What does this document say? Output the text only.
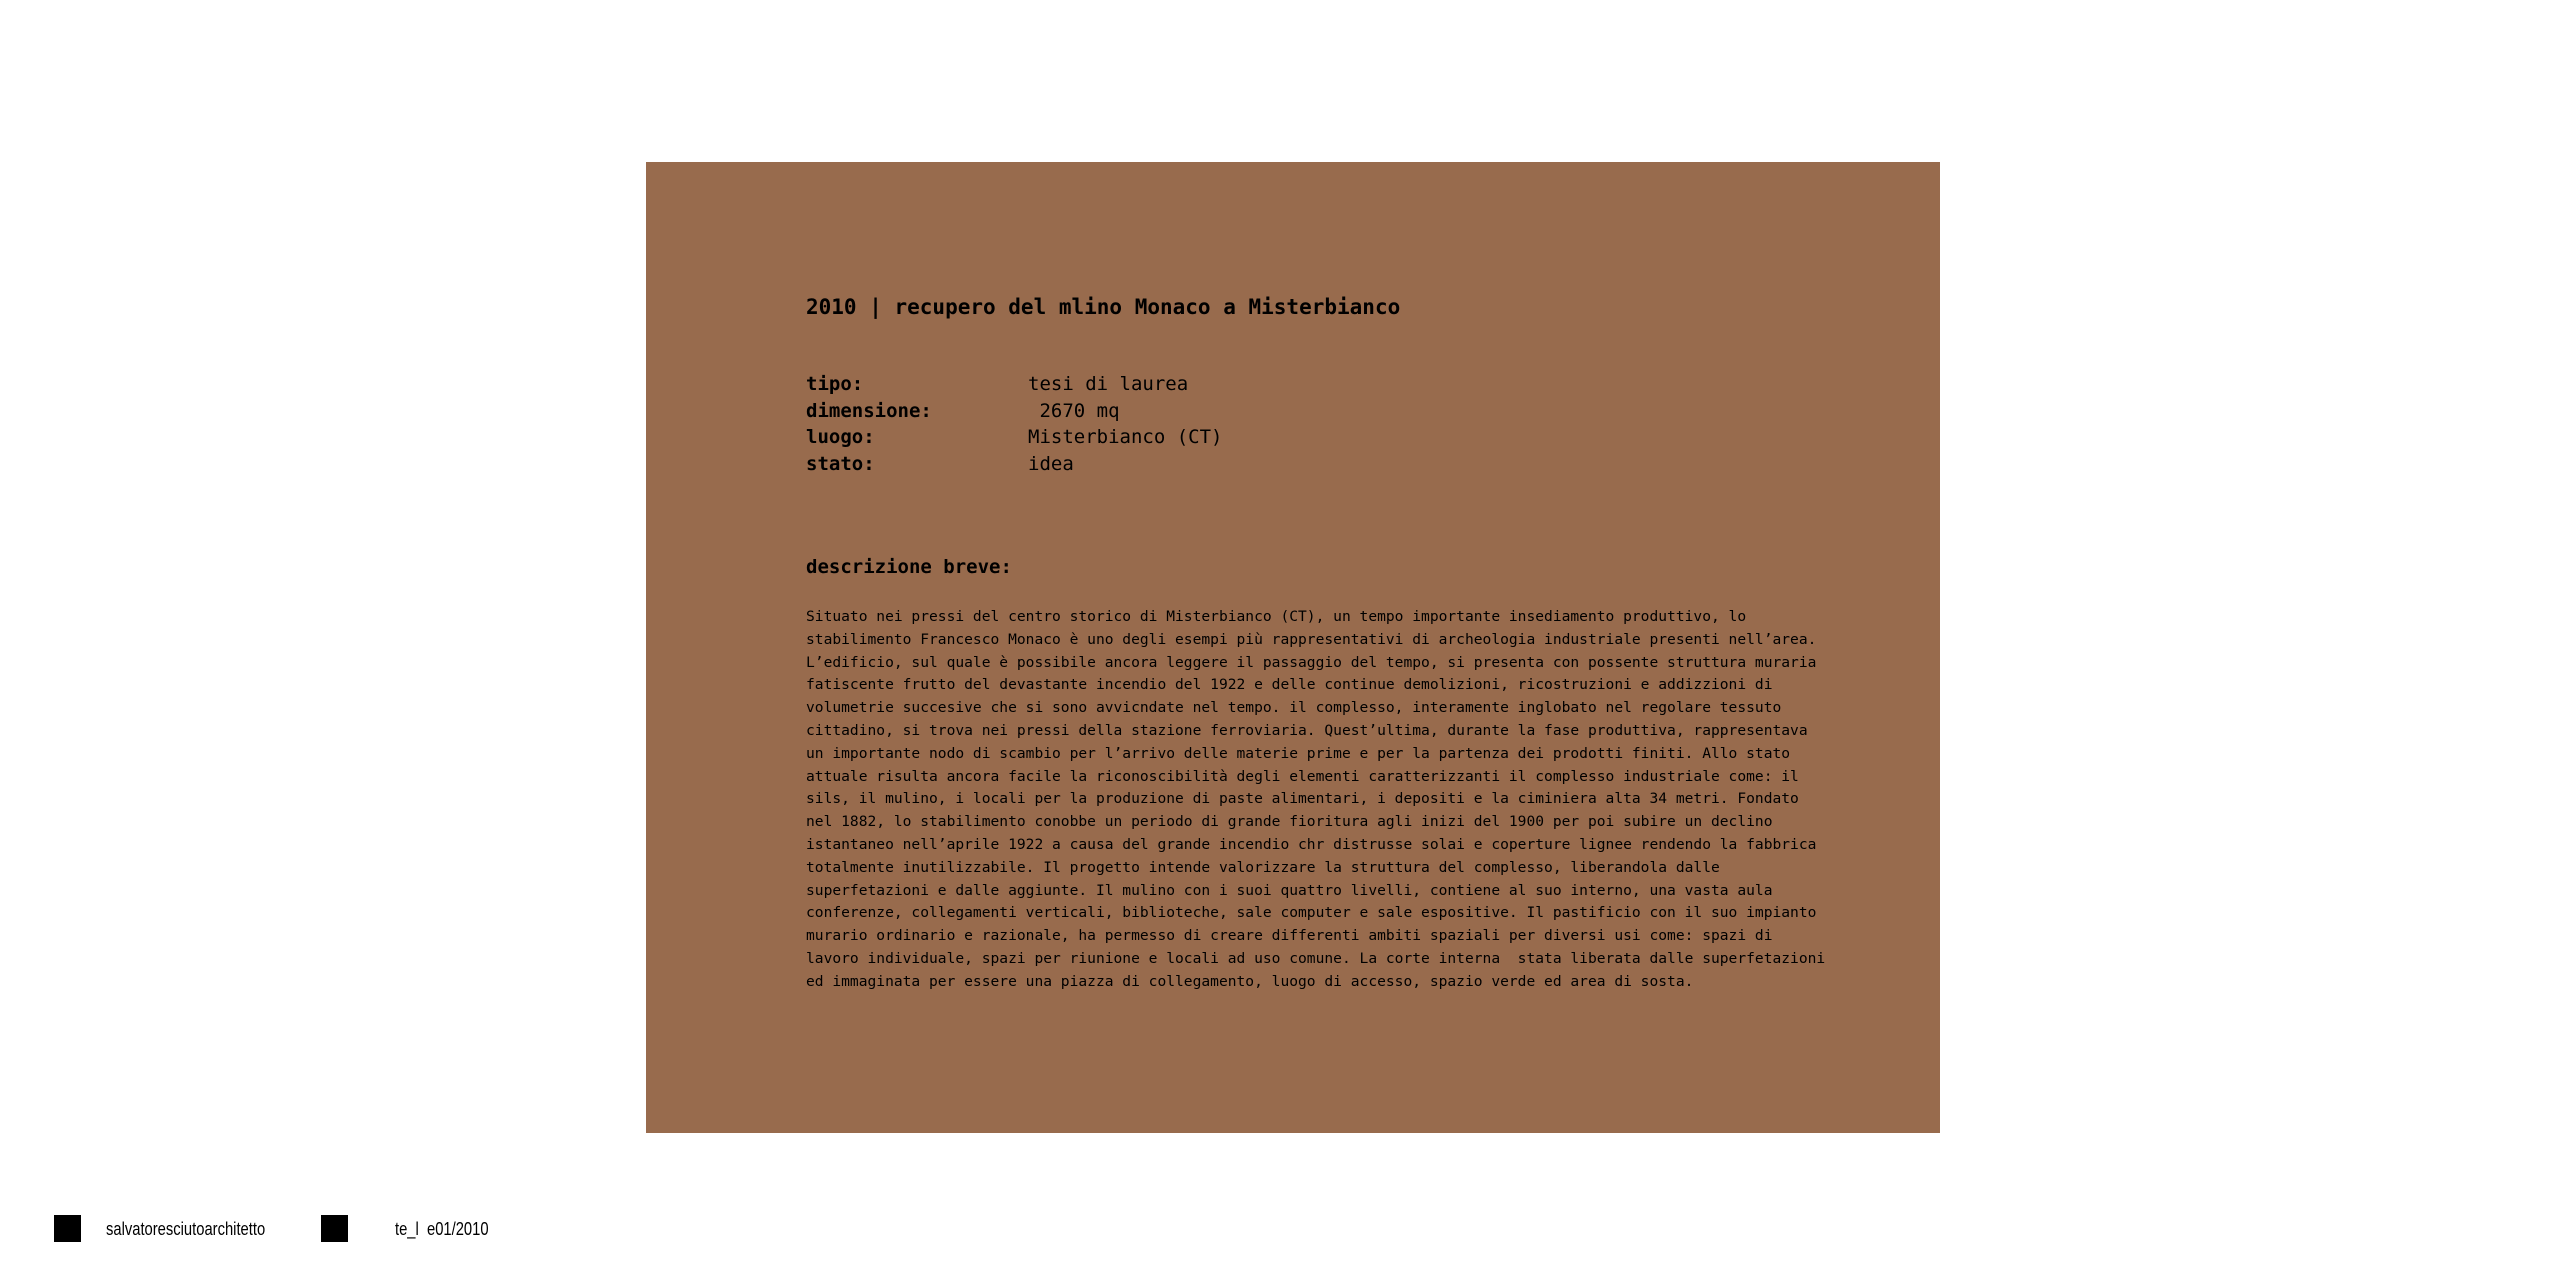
2010 | recupero del mlino Monaco a Misterbianco
tipo:	tesi di laurea
dimensione:	2670 mq
luogo:	Misterbianco (CT)
stato:	idea
descrizione breve:
Situato nei pressi del centro storico di Misterbianco (CT), un tempo importante insediamento produttivo, lo
stabilimento Francesco Monaco è uno degli esempi più rappresentativi di archeologia industriale presenti nell’area.
L’edificio, sul quale è possibile ancora leggere il passaggio del tempo, si presenta con possente struttura muraria
fatiscente frutto del devastante incendio del 1922 e delle continue demolizioni, ricostruzioni e addizzioni di
volumetrie succesive che si sono avvicndate nel tempo. il complesso, interamente inglobato nel regolare tessuto
cittadino, si trova nei pressi della stazione ferroviaria. Quest’ultima, durante la fase produttiva, rappresentava
un importante nodo di scambio per l’arrivo delle materie prime e per la partenza dei prodotti finiti. Allo stato
attuale risulta ancora facile la riconoscibilità degli elementi caratterizzanti il complesso industriale come: il
sils, il mulino, i locali per la produzione di paste alimentari, i depositi e la ciminiera alta 34 metri. Fondato
nel 1882, lo stabilimento conobbe un periodo di grande fioritura agli inizi del 1900 per poi subire un declino
istantaneo nell’aprile 1922 a causa del grande incendio chr distrusse solai e coperture lignee rendendo la fabbrica
totalmente inutilizzabile. Il progetto intende valorizzare la struttura del complesso, liberandola dalle
superfetazioni e dalle aggiunte. Il mulino con i suoi quattro livelli, contiene al suo interno, una vasta aula
conferenze, collegamenti verticali, biblioteche, sale computer e sale espositive. Il pastificio con il suo impianto
murario ordinario e razionale, ha permesso di creare differenti ambiti spaziali per diversi usi come: spazi di
lavoro individuale, spazi per riunione e locali ad uso comune. La corte interna  stata liberata dalle superfetazioni
ed immaginata per essere una piazza di collegamento, luogo di accesso, spazio verde ed area di sosta.
salvatoresciutoarchitetto	te_l  e01/2010
